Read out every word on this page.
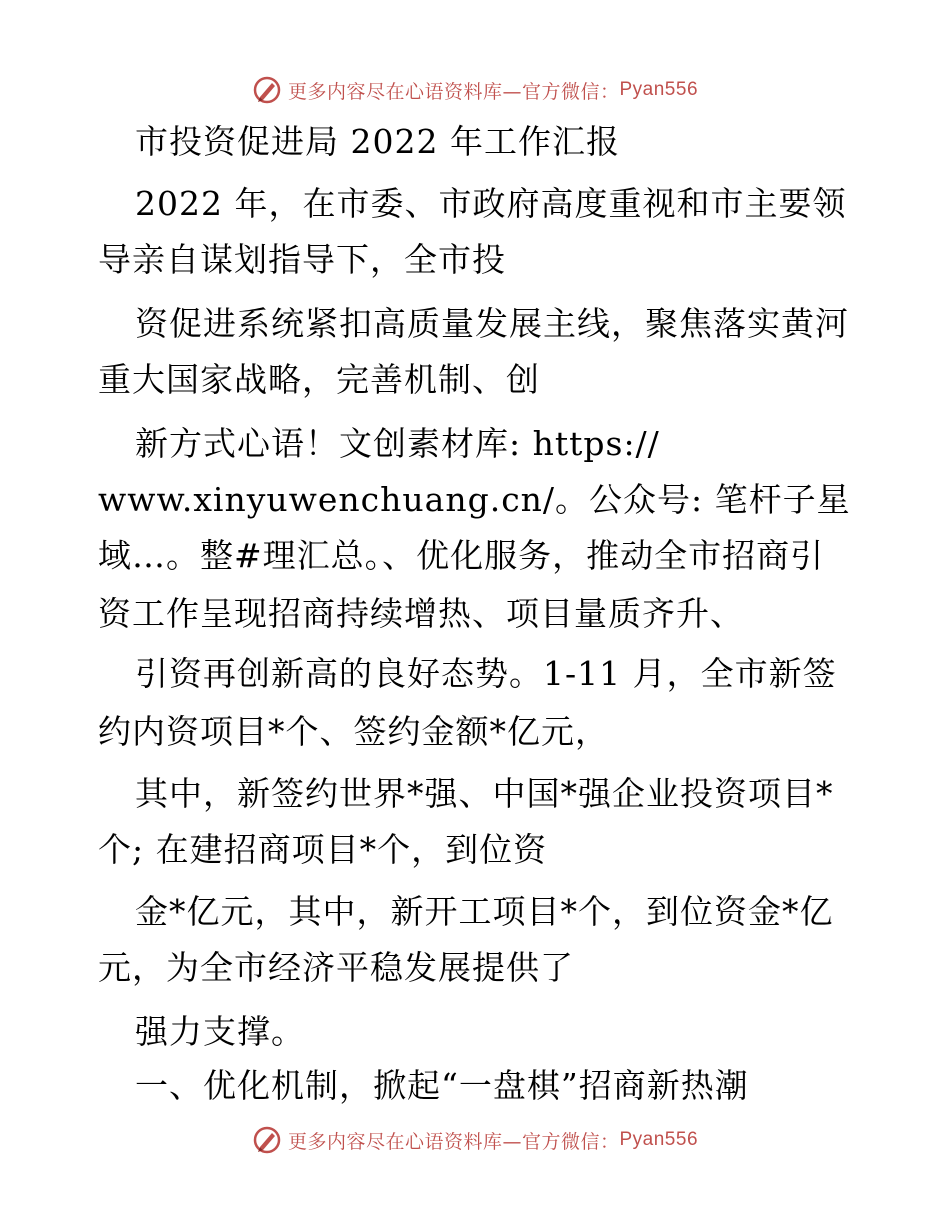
更多内容尽在心语资料库—官方微信： Pyan556
市投资促进局 2022 年工作汇报
2022 年，在市委、市政府高度重视和市主要领
导亲自谋划指导下，全市投
资促进系统紧扣高质量发展主线，聚焦落实黄河
重大国家战略，完善机制、创
新方式心语！文创素材库: https://
www.xinyuwenchuang.cn/。公众号: 笔杆子星
域…。整#理汇总。、优化服务，推动全市招商引
资工作呈现招商持续增热、项目量质齐升、
引资再创新高的良好态势。1-11 月，全市新签
约内资项目*个、签约金额*亿元，
其中，新签约世界*强、中国*强企业投资项目*
个; 在建招商项目*个，到位资
金*亿元，其中，新开工项目*个，到位资金*亿
元，为全市经济平稳发展提供了
强力支撑。
一、优化机制，掀起“一盘棋”招商新热潮
更多内容尽在心语资料库—官方微信： Pyan556
